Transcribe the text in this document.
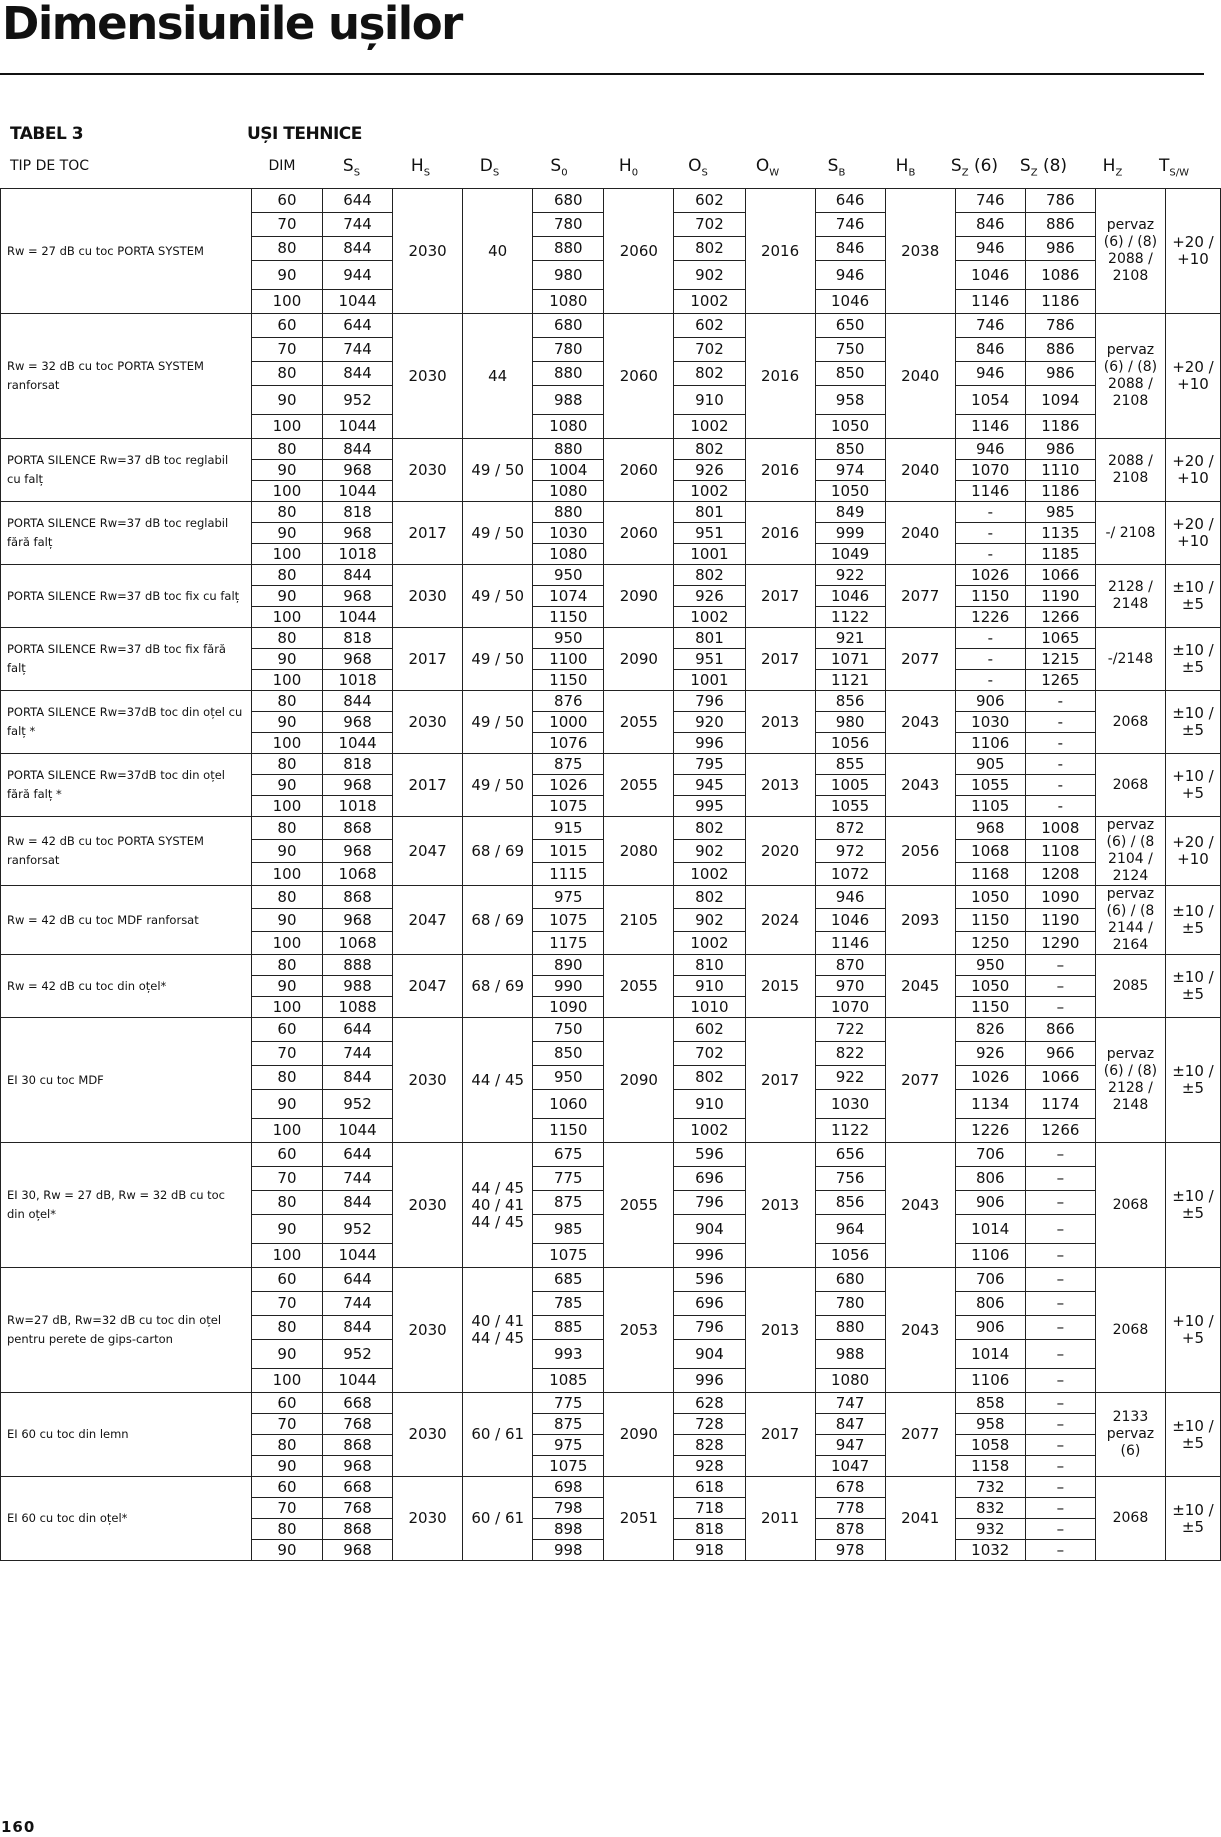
Dimensiunile ușilor
TABEL 3	UȘI TEHNICE
TIP DE TOC	DIM	$S_S$	$H_S$	$D_S$	$S_0$	$H_0$	$O_S$	$O_W$	$S_B$	$H_B$	$S_Z$ (6)	$S_Z$ (8)	$H_Z$	$T_{S/W}$
Rw = 27 dB cu toc PORTA SYSTEM	60	644	2030	40	680	2060	602	2016	646	2038	746	786	pervaz (6) / (8) 2088 / 2108	+20 / +10
	70	744			780		702		746		846	886		
	80	844			880		802		846		946	986		
	90	944			980		902		946		1046	1086		
	100	1044			1080		1002		1046		1146	1186		
Rw = 32 dB cu toc PORTA SYSTEM ranforsat	60	644	2030	44	680	2060	602	2016	650	2040	746	786	pervaz (6) / (8) 2088 / 2108	+20 / +10
	70	744			780		702		750		846	886		
	80	844			880		802		850		946	986		
	90	952			988		910		958		1054	1094		
	100	1044			1080		1002		1050		1146	1186		
PORTA SILENCE Rw=37 dB toc reglabil cu falț	80	844	2030	49 / 50	880	2060	802	2016	850	2040	946	986	2088 / 2108	+20 / +10
	90	968			1004		926		974		1070	1110		
	100	1044			1080		1002		1050		1146	1186		
PORTA SILENCE Rw=37 dB toc reglabil fără falț	80	818	2017	49 / 50	880	2060	801	2016	849	2040	-	985	-/ 2108	+20 / +10
	90	968			1030		951		999		-	1135		
	100	1018			1080		1001		1049		-	1185		
PORTA SILENCE Rw=37 dB toc fix cu falț	80	844	2030	49 / 50	950	2090	802	2017	922	2077	1026	1066	2128 / 2148	±10 / ±5
	90	968			1074		926		1046		1150	1190		
	100	1044			1150		1002		1122		1226	1266		
PORTA SILENCE Rw=37 dB toc fix fără falț	80	818	2017	49 / 50	950	2090	801	2017	921	2077	-	1065	-/2148	±10 / ±5
	90	968			1100		951		1071		-	1215		
	100	1018			1150		1001		1121		-	1265		
PORTA SILENCE Rw=37dB toc din oțel cu falț *	80	844	2030	49 / 50	876	2055	796	2013	856	2043	906	-	2068	±10 / ±5
	90	968			1000		920		980		1030	-		
	100	1044			1076		996		1056		1106	-		
PORTA SILENCE Rw=37dB toc din oțel fără falț *	80	818	2017	49 / 50	875	2055	795	2013	855	2043	905	-	2068	+10 / +5
	90	968			1026		945		1005		1055	-		
	100	1018			1075		995		1055		1105	-		
Rw = 42 dB cu toc PORTA SYSTEM ranforsat	80	868	2047	68 / 69	915	2080	802	2020	872	2056	968	1008	pervaz (6) / (8 2104 / 2124	+20 / +10
	90	968			1015		902		972		1068	1108		
	100	1068			1115		1002		1072		1168	1208		
Rw = 42 dB cu toc MDF ranforsat	80	868	2047	68 / 69	975	2105	802	2024	946	2093	1050	1090	pervaz (6) / (8 2144 / 2164	±10 / ±5
	90	968			1075		902		1046		1150	1190		
	100	1068			1175		1002		1146		1250	1290		
Rw = 42 dB cu toc din oțel*	80	888	2047	68 / 69	890	2055	810	2015	870	2045	950	–	2085	±10 / ±5
	90	988			990		910		970		1050	–		
	100	1088			1090		1010		1070		1150	–		
EI 30 cu toc MDF	60	644	2030	44 / 45	750	2090	602	2017	722	2077	826	866	pervaz (6) / (8) 2128 / 2148	±10 / ±5
	70	744			850		702		822		926	966		
	80	844			950		802		922		1026	1066		
	90	952			1060		910		1030		1134	1174		
	100	1044			1150		1002		1122		1226	1266		
EI 30, Rw = 27 dB, Rw = 32 dB cu toc din oțel*	60	644	2030	44 / 45 40 / 41 44 / 45	675	2055	596	2013	656	2043	706	–	2068	±10 / ±5
	70	744			775		696		756		806	–		
	80	844			875		796		856		906	–		
	90	952			985		904		964		1014	–		
	100	1044			1075		996		1056		1106	–		
Rw=27 dB, Rw=32 dB cu toc din oțel pentru perete de gips-carton	60	644	2030	40 / 41 44 / 45	685	2053	596	2013	680	2043	706	–	2068	+10 / +5
	70	744			785		696		780		806	–		
	80	844			885		796		880		906	–		
	90	952			993		904		988		1014	–		
	100	1044			1085		996		1080		1106	–		
EI 60 cu toc din lemn	60	668	2030	60 / 61	775	2090	628	2017	747	2077	858	–	2133 pervaz (6)	±10 / ±5
	70	768			875		728		847		958	–		
	80	868			975		828		947		1058	–		
	90	968			1075		928		1047		1158	–		
EI 60 cu toc din oțel*	60	668	2030	60 / 61	698	2051	618	2011	678	2041	732	–	2068	±10 / ±5
	70	768			798		718		778		832	–		
	80	868			898		818		878		932	–		
	90	968			998		918		978		1032	–		
160
